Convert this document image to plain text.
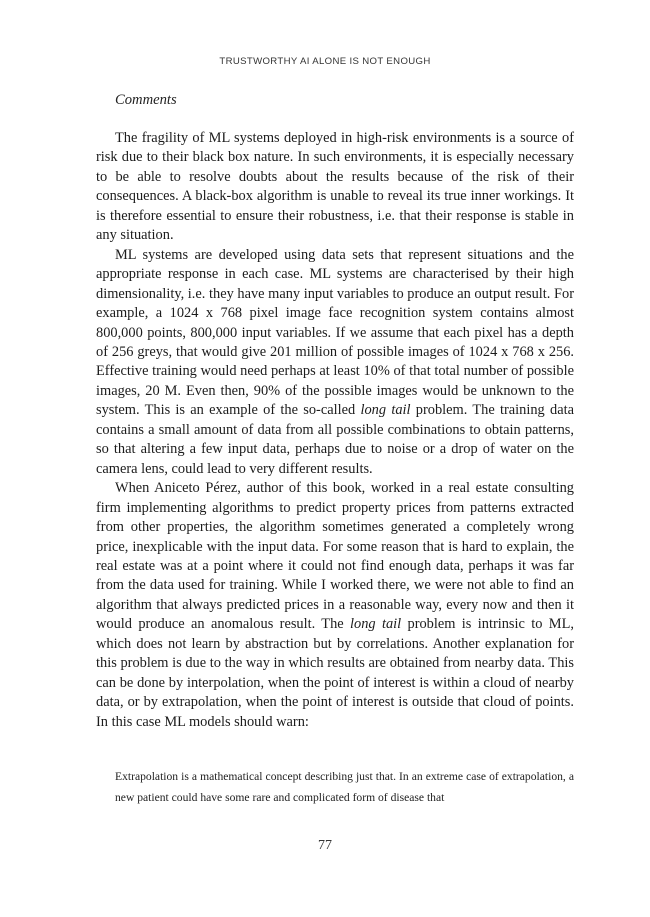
TRUSTWORTHY AI ALONE IS NOT ENOUGH
Comments

The fragility of ML systems deployed in high-risk environments is a source of risk due to their black box nature. In such environments, it is especially necessary to be able to resolve doubts about the results because of the risk of their consequences. A black-box algorithm is unable to reveal its true inner workings. It is therefore essential to ensure their robustness, i.e. that their response is stable in any situation.

ML systems are developed using data sets that represent situations and the appropriate response in each case. ML systems are characterised by their high dimensionality, i.e. they have many input variables to produce an output result. For example, a 1024 x 768 pixel image face recognition system contains almost 800,000 points, 800,000 input variables. If we assume that each pixel has a depth of 256 greys, that would give 201 million of possible images of 1024 x 768 x 256. Effective training would need perhaps at least 10% of that total number of possible images, 20 M. Even then, 90% of the possible images would be unknown to the system. This is an example of the so-called long tail problem. The training data contains a small amount of data from all possible combinations to obtain patterns, so that altering a few input data, perhaps due to noise or a drop of water on the camera lens, could lead to very different results.

When Aniceto Pérez, author of this book, worked in a real estate consulting firm implementing algorithms to predict property prices from patterns extracted from other properties, the algorithm sometimes generated a completely wrong price, inexplicable with the input data. For some reason that is hard to explain, the real estate was at a point where it could not find enough data, perhaps it was far from the data used for training. While I worked there, we were not able to find an algorithm that always predicted prices in a reasonable way, every now and then it would produce an anomalous result. The long tail problem is intrinsic to ML, which does not learn by abstraction but by correlations. Another explanation for this problem is due to the way in which results are obtained from nearby data. This can be done by interpolation, when the point of interest is within a cloud of nearby data, or by extrapolation, when the point of interest is outside that cloud of points. In this case ML models should warn:

Extrapolation is a mathematical concept describing just that. In an extreme case of extrapolation, a new patient could have some rare and complicated form of disease that

77
